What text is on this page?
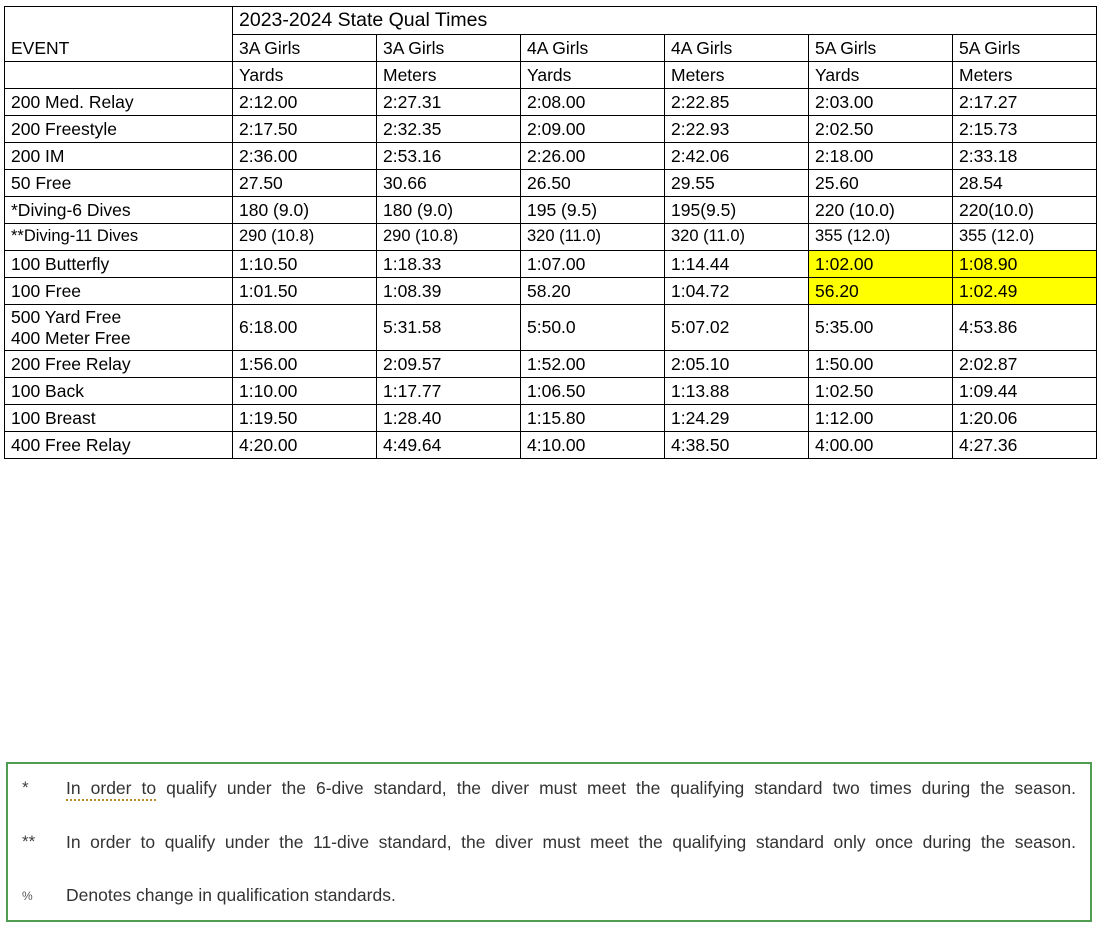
EVENT	2023-2024 State Qual Times					
	3A Girls	3A Girls	4A Girls	4A Girls	5A Girls	5A Girls
	Yards	Meters	Yards	Meters	Yards	Meters
200 Med. Relay	2:12.00	2:27.31	2:08.00	2:22.85	2:03.00	2:17.27
200 Freestyle	2:17.50	2:32.35	2:09.00	2:22.93	2:02.50	2:15.73
200 IM	2:36.00	2:53.16	2:26.00	2:42.06	2:18.00	2:33.18
50 Free	27.50	30.66	26.50	29.55	25.60	28.54
*Diving-6 Dives	180 (9.0)	180 (9.0)	195 (9.5)	195(9.5)	220 (10.0)	220(10.0)
**Diving-11 Dives	290 (10.8)	290 (10.8)	320 (11.0)	320 (11.0)	355 (12.0)	355 (12.0)
100 Butterfly	1:10.50	1:18.33	1:07.00	1:14.44	1:02.00	1:08.90
100 Free	1:01.50	1:08.39	58.20	1:04.72	56.20	1:02.49

500 Yard Free
400 Meter Free	6:18.00	5:31.58	5:50.0	5:07.02	5:35.00	4:53.86
200 Free Relay	1:56.00	2:09.57	1:52.00	2:05.10	1:50.00	2:02.87
100 Back	1:10.00	1:17.77	1:06.50	1:13.88	1:02.50	1:09.44
100 Breast	1:19.50	1:28.40	1:15.80	1:24.29	1:12.00	1:20.06
400 Free Relay	4:20.00	4:49.64	4:10.00	4:38.50	4:00.00	4:27.36
*	In order to qualify under the 6-dive standard, the diver must meet the qualifying standard two times during the season.
**	In order to qualify under the 11-dive standard, the diver must meet the qualifying standard only once during the season.
%	Denotes change in qualification standards.
